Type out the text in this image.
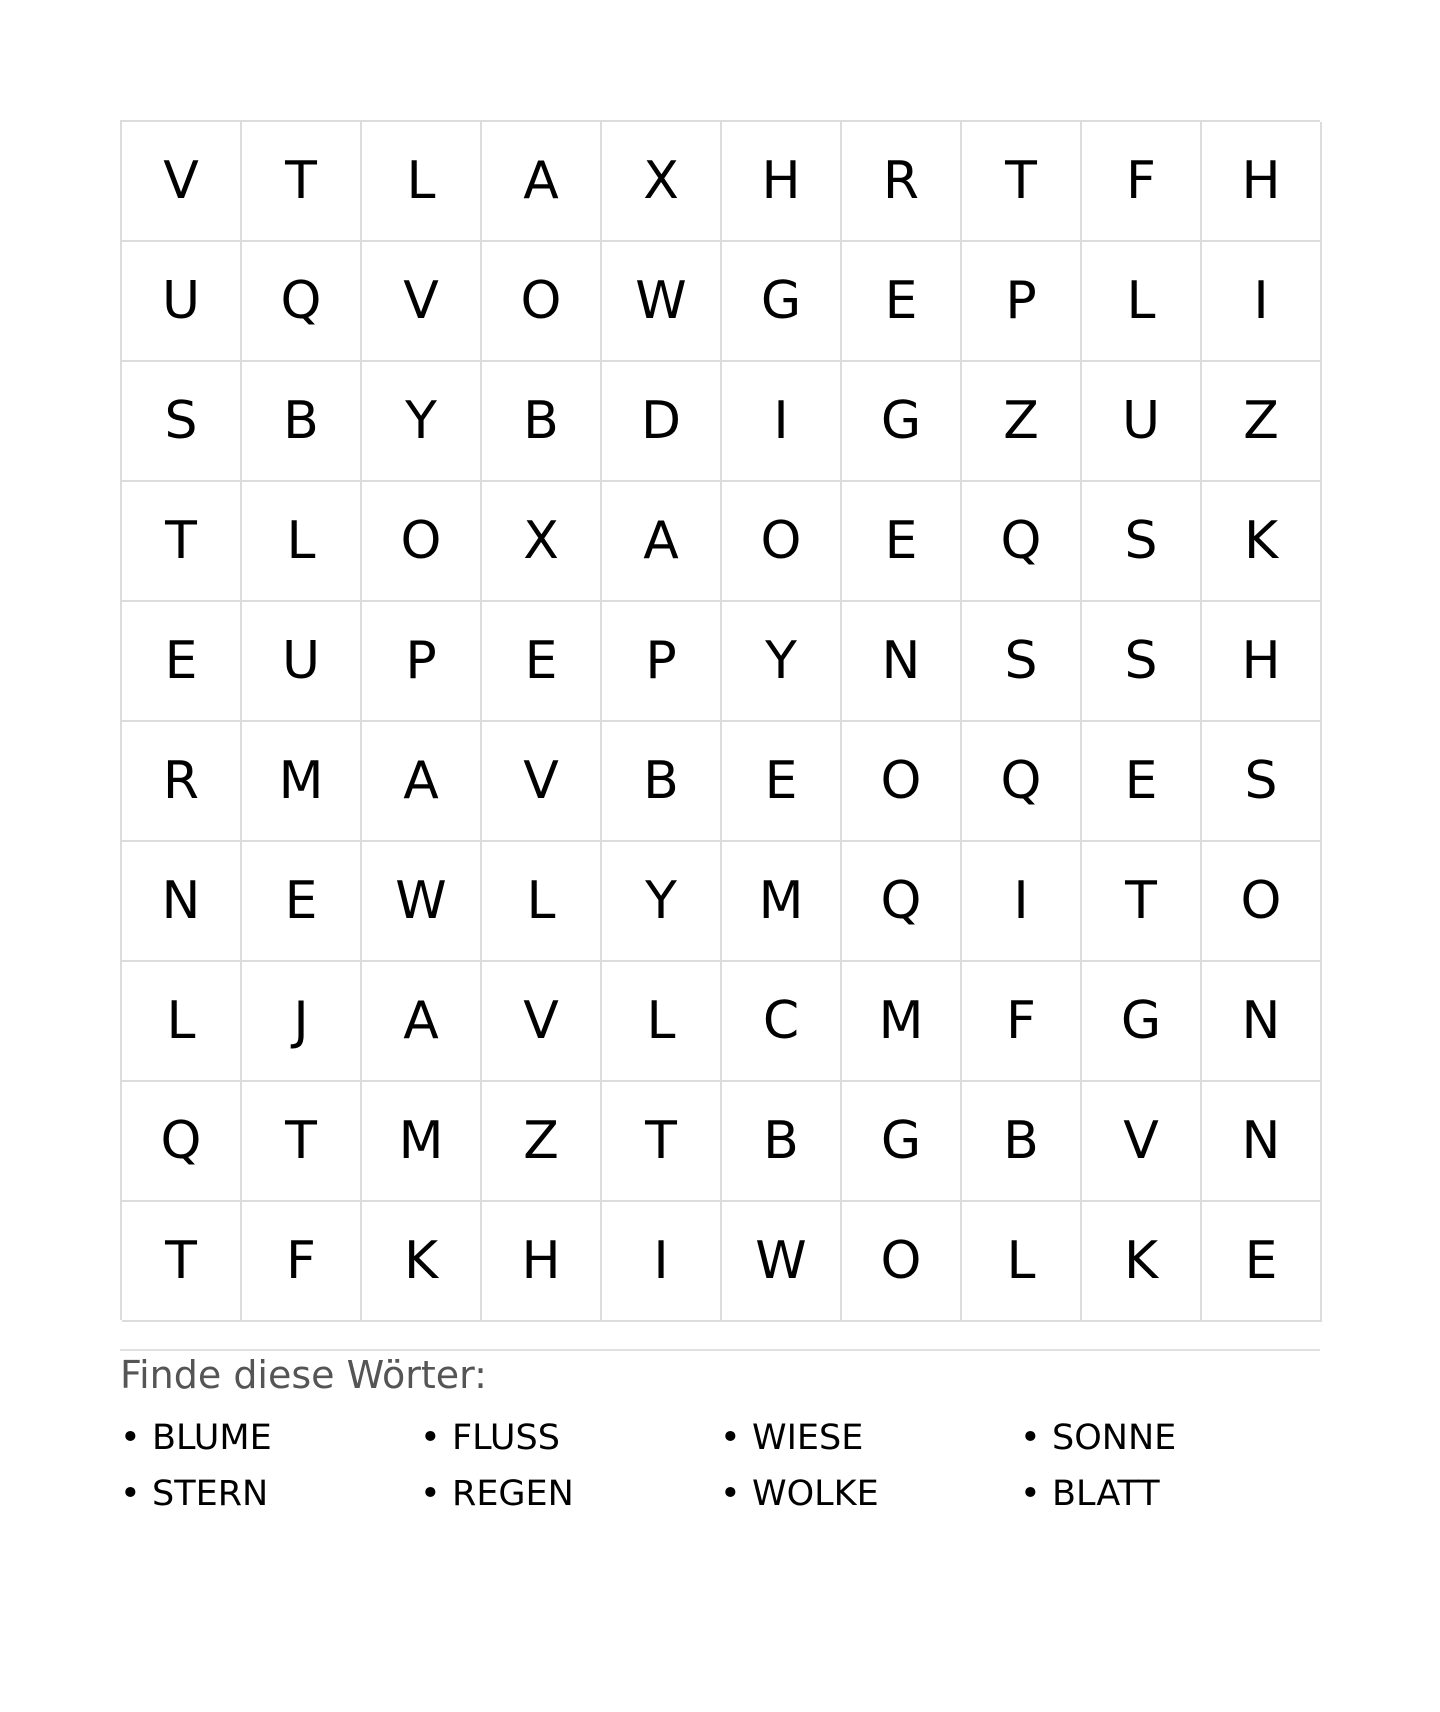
V	T	L	A	X	H	R	T	F	H
U	Q	V	O	W	G	E	P	L	I
S	B	Y	B	D	I	G	Z	U	Z
T	L	O	X	A	O	E	Q	S	K
E	U	P	E	P	Y	N	S	S	H
R	M	A	V	B	E	O	Q	E	S
N	E	W	L	Y	M	Q	I	T	O
L	J	A	V	L	C	M	F	G	N
Q	T	M	Z	T	B	G	B	V	N
T	F	K	H	I	W	O	L	K	E
Finde diese Wörter:
• BLUME	• FLUSS	• WIESE	• SONNE
• STERN	• REGEN	• WOLKE	• BLATT
